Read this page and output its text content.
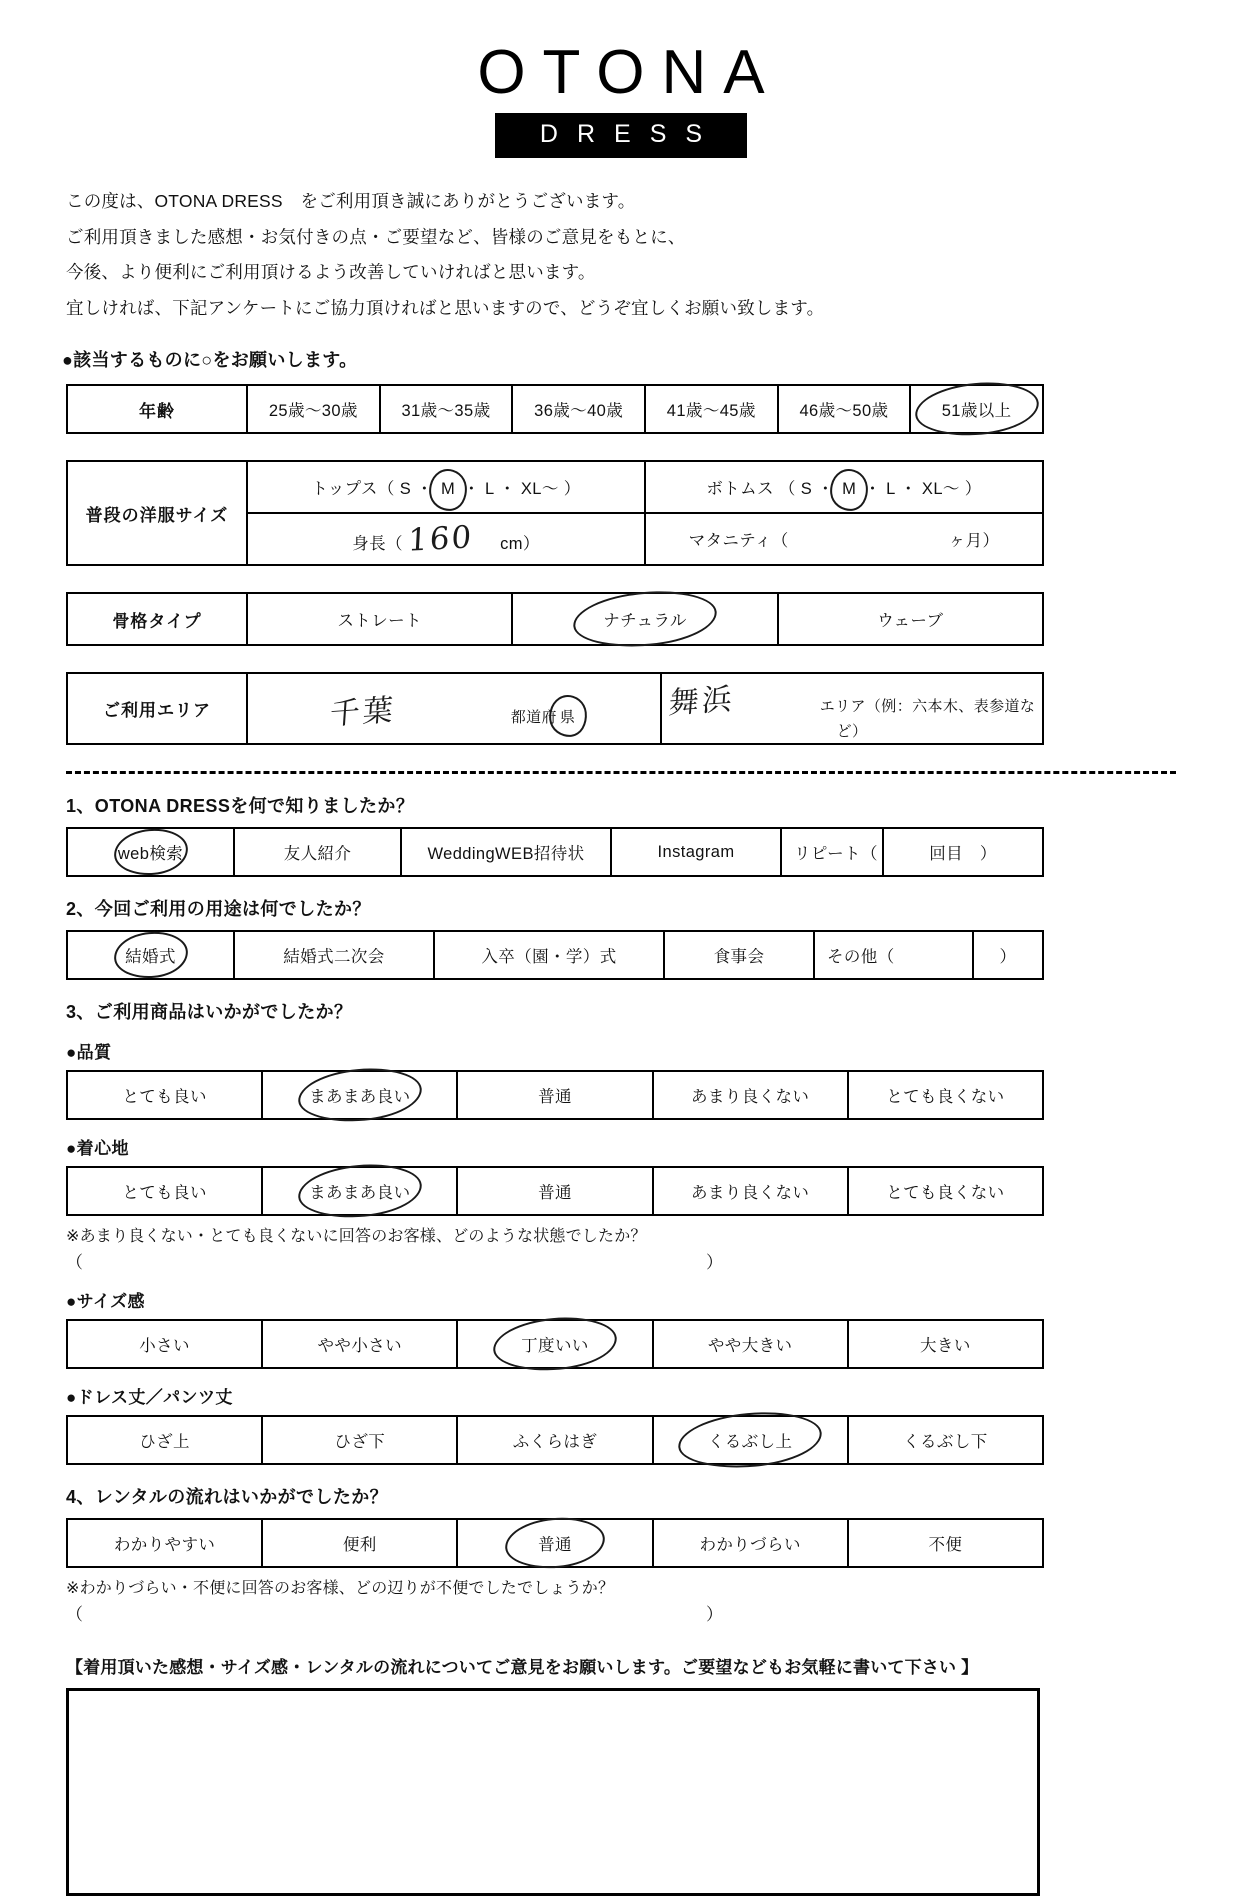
OTONA
DRESS
この度は、OTONA DRESS　をご利用頂き誠にありがとうございます。
ご利用頂きました感想・お気付きの点・ご要望など、皆様のご意見をもとに、
今後、より便利にご利用頂けるよう改善していければと思います。
宜しければ、下記アンケートにご協力頂ければと思いますので、どうぞ宜しくお願い致します。
●該当するものに○をお願いします。
年齢	25歳〜30歳	31歳〜35歳	36歳〜40歳	41歳〜45歳	46歳〜50歳	51歳以上
普段の洋服サイズ	トップス（ S ・ M ・ L ・ XL〜 ）	ボトムス （ S ・ M ・ L ・ XL〜 ）
	身長（ 160 cm）	マタニティ（ ヶ月）
骨格タイプ	ストレート	ナチュラル	ウェーブ
ご利用エリア	千葉	都道府 県	舞浜	エリア（例：六本木、表参道など）
1、OTONA DRESSを何で知りましたか？
web検索	友人紹介	WeddingWEB招待状	Instagram	リピート（	回目　）
2、今回ご利用の用途は何でしたか？
結婚式	結婚式二次会	入卒（園・学）式	食事会	その他（	）
3、ご利用商品はいかがでしたか？
●品質
とても良い	まあまあ良い	普通	あまり良くない	とても良くない
●着心地
とても良い	まあまあ良い	普通	あまり良くない	とても良くない
※あまり良くない・とても良くないに回答のお客様、どのような状態でしたか？
（	）
●サイズ感
小さい	やや小さい	丁度いい	やや大きい	大きい
●ドレス丈／パンツ丈
ひざ上	ひざ下	ふくらはぎ	くるぶし上	くるぶし下
4、レンタルの流れはいかがでしたか？
わかりやすい	便利	普通	わかりづらい	不便
※わかりづらい・不便に回答のお客様、どの辺りが不便でしたでしょうか？
（	）
【着用頂いた感想・サイズ感・レンタルの流れについてご意見をお願いします。ご要望などもお気軽に書いて下さい 】
